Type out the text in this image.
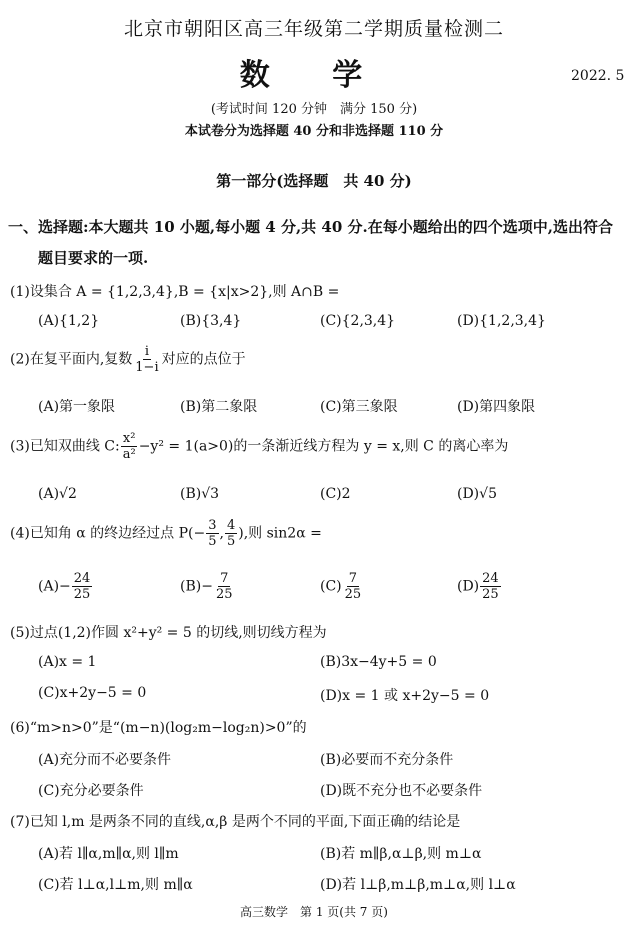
北京市朝阳区高三年级第二学期质量检测二
数 学	2022. 5
(考试时间 120 分钟　满分 150 分)
本试卷分为选择题 40 分和非选择题 110 分
第一部分(选择题　共 40 分)
一、选择题:本大题共 10 小题,每小题 4 分,共 40 分.在每小题给出的四个选项中,选出符合
题目要求的一项.
(1)设集合 A = {1,2,3,4},B = {x|x>2},则 A∩B =
(A){1,2}	(B){3,4}	(C){2,3,4}	(D){1,2,3,4}
(2)在复平面内,复数 $\frac{i}{1-i}$ 对应的点位于
(A)第一象限	(B)第二象限	(C)第三象限	(D)第四象限
(3)已知双曲线 C: $\frac{\text{x²}}{\text{a²}} -y^2 = 1(a>0)$的一条渐近线方程为 y = x,则 C 的离心率为
(A)√2	(B)√3	(C)2	(D)√5
(4)已知角 α 的终边经过点 $P(- \frac{3}{5}$ , $\frac{4}{5}$ ),则 sin2α =
$(A)- \frac{24}{25}$	$(B)- \frac{7}{25}$	$(C) \frac{7}{25}$	$(D) \frac{24}{25}$
(5)过点(1,2)作圆 x²+y² = 5 的切线,则切线方程为
(A)x = 1	(B)3x−4y+5 = 0
(C)x+2y−5 = 0	(D)x = 1 或 x+2y−5 = 0
(6)“m>n>0”是“(m−n)(log₂m−log₂n)>0”的
(A)充分而不必要条件	(B)必要而不充分条件
(C)充分必要条件	(D)既不充分也不必要条件
(7)已知 l,m 是两条不同的直线,α,β 是两个不同的平面,下面正确的结论是
(A)若 l∥α,m∥α,则 l∥m	(B)若 m∥β,α⊥β,则 m⊥α
(C)若 l⊥α,l⊥m,则 m∥α	(D)若 l⊥β,m⊥β,m⊥α,则 l⊥α
高三数学　第 1 页(共 7 页)
